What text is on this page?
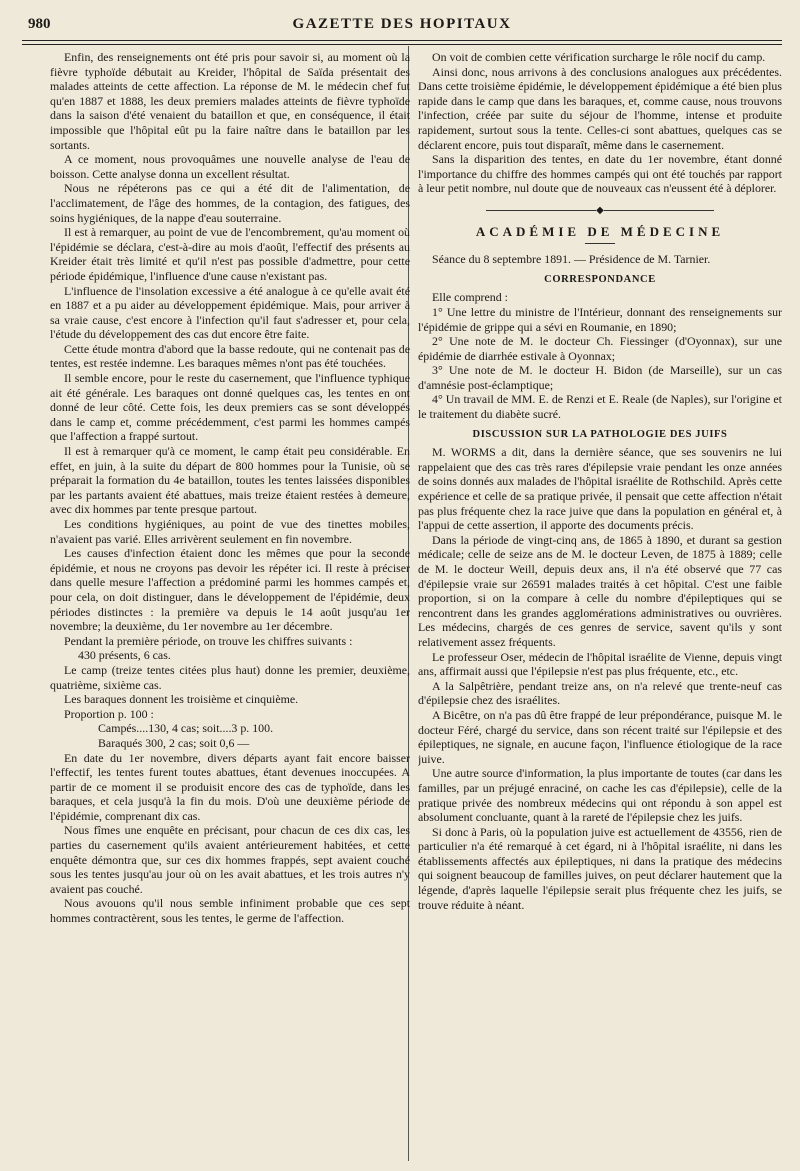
980	GAZETTE DES HOPITAUX

Enfin, des renseignements ont été pris pour savoir si, au moment où la fièvre typhoïde débutait au Kreider, l'hôpital de Saïda présentait des malades atteints de cette affection. La réponse de M. le médecin chef fut qu'en 1887 et 1888, les deux premiers malades atteints de fièvre typhoïde dans la saison d'été venaient du bataillon et que, en conséquence, il était impossible que l'hôpital eût pu la faire naître dans le bataillon par les sortants.

A ce moment, nous provoquâmes une nouvelle analyse de l'eau de boisson. Cette analyse donna un excellent résultat.

Nous ne répéterons pas ce qui a été dit de l'alimentation, de l'acclimatement, de l'âge des hommes, de la contagion, des fatigues, des soins hygiéniques, de la nappe d'eau souterraine.

Il est à remarquer, au point de vue de l'encombrement, qu'au moment où l'épidémie se déclara, c'est-à-dire au mois d'août, l'effectif des présents au Kreider était très limité et qu'il n'est pas possible d'admettre, pour cette période épidémique, l'influence d'une cause n'existant pas.

L'influence de l'insolation excessive a été analogue à ce qu'elle avait été en 1887 et a pu aider au développement épidémique. Mais, pour arriver à sa vraie cause, c'est encore à l'infection qu'il faut s'adresser et, pour cela, l'étude du développement des cas dut encore être faite.

Cette étude montra d'abord que la basse redoute, qui ne contenait pas de tentes, est restée indemne. Les baraques mêmes n'ont pas été touchées.

Il semble encore, pour le reste du casernement, que l'influence typhique ait été générale. Les baraques ont donné quelques cas, les tentes en ont donné de leur côté. Cette fois, les deux premiers cas se sont développés dans le camp et, comme précédemment, c'est parmi les hommes campés que l'affection a frappé surtout.

Il est à remarquer qu'à ce moment, le camp était peu considérable. En effet, en juin, à la suite du départ de 800 hommes pour la Tunisie, où se préparait la formation du 4e bataillon, toutes les tentes laissées disponibles par les partants avaient été abattues, mais treize étaient restées à demeure, avec dix hommes par tente presque partout.

Les conditions hygiéniques, au point de vue des tinettes mobiles, n'avaient pas varié. Elles arrivèrent seulement en fin novembre.

Les causes d'infection étaient donc les mêmes que pour la seconde épidémie, et nous ne croyons pas devoir les répéter ici. Il reste à préciser dans quelle mesure l'affection a prédominé parmi les hommes campés et, pour cela, on doit distinguer, dans le développement de l'épidémie, deux périodes distinctes : la première va depuis le 14 août jusqu'au 1er novembre; la deuxième, du 1er novembre au 1er décembre.

Pendant la première période, on trouve les chiffres suivants :

430 présents, 6 cas.

Le camp (treize tentes citées plus haut) donne les premier, deuxième, quatrième, sixième cas.

Les baraques donnent les troisième et cinquième.

Proportion p. 100 :

Campés....130, 4 cas; soit....3 p. 100.
Baraqués 300, 2 cas; soit 0,6 —

En date du 1er novembre, divers départs ayant fait encore baisser l'effectif, les tentes furent toutes abattues, étant devenues inoccupées. A partir de ce moment il se produisit encore des cas de typhoïde, dans les baraques, et cela jusqu'à la fin du mois. D'où une deuxième période de l'épidémie, comprenant dix cas.

Nous fîmes une enquête en précisant, pour chacun de ces dix cas, les parties du casernement qu'ils avaient antérieurement habitées, et cette enquête démontra que, sur ces dix hommes frappés, sept avaient couché sous les tentes jusqu'au jour où on les avait abattues, et les trois autres n'y avaient pas couché.

Nous avouons qu'il nous semble infiniment probable que ces sept hommes contractèrent, sous les tentes, le germe de l'affection.

On voit de combien cette vérification surcharge le rôle nocif du camp.

Ainsi donc, nous arrivons à des conclusions analogues aux précédentes. Dans cette troisième épidémie, le développement épidémique a été bien plus rapide dans le camp que dans les baraques, et, comme cause, nous trouvons l'infection, créée par suite du séjour de l'homme, intense et produite rapidement, surtout sous la tente. Celles-ci sont abattues, quelques cas se déclarent encore, puis tout disparaît, même dans le casernement.

Sans la disparition des tentes, en date du 1er novembre, étant donné l'importance du chiffre des hommes campés qui ont été touchés par rapport à leur petit nombre, nul doute que de nouveaux cas n'eussent été à déplorer.

◆
ACADÉMIE DE MÉDECINE

Séance du 8 septembre 1891. — Présidence de M. Tarnier.

CORRESPONDANCE

Elle comprend :

1° Une lettre du ministre de l'Intérieur, donnant des renseignements sur l'épidémie de grippe qui a sévi en Roumanie, en 1890;

2° Une note de M. le docteur Ch. Fiessinger (d'Oyonnax), sur une épidémie de diarrhée estivale à Oyonnax;

3° Une note de M. le docteur H. Bidon (de Marseille), sur un cas d'amnésie post-éclamptique;

4° Un travail de MM. E. de Renzi et E. Reale (de Naples), sur l'origine et le traitement du diabète sucré.

DISCUSSION SUR LA PATHOLOGIE DES JUIFS

M. WORMS a dit, dans la dernière séance, que ses souvenirs ne lui rappelaient que des cas très rares d'épilepsie vraie pendant les onze années de soins donnés aux malades de l'hôpital israélite de Rothschild. Après cette expérience et celle de sa pratique privée, il pensait que cette affection n'était pas plus fréquente chez la race juive que dans la population en général et, à l'appui de cette assertion, il apporte des documents précis.

Dans la période de vingt-cinq ans, de 1865 à 1890, et durant sa gestion médicale; celle de seize ans de M. le docteur Leven, de 1875 à 1889; celle de M. le docteur Weill, depuis deux ans, il n'a été observé que 77 cas d'épilepsie vraie sur 26591 malades traités à cet hôpital. C'est une faible proportion, si on la compare à celle du nombre d'épileptiques qui se rencontrent dans les grandes agglomérations administratives ou ouvrières. Les médecins, chargés de ces genres de service, savent qu'ils y sont relativement assez fréquents.

Le professeur Oser, médecin de l'hôpital israélite de Vienne, depuis vingt ans, affirmait aussi que l'épilepsie n'est pas plus fréquente, etc., etc.

A la Salpêtrière, pendant treize ans, on n'a relevé que trente-neuf cas d'épilepsie chez des israélites.

A Bicêtre, on n'a pas dû être frappé de leur prépondérance, puisque M. le docteur Féré, chargé du service, dans son récent traité sur l'épilepsie et des épileptiques, ne signale, en aucune façon, l'influence étiologique de la race juive.

Une autre source d'information, la plus importante de toutes (car dans les familles, par un préjugé enraciné, on cache les cas d'épilepsie), celle de la pratique privée des nombreux médecins qui ont répondu à son appel est absolument concluante, quant à la rareté de l'épilepsie chez les juifs.

Si donc à Paris, où la population juive est actuellement de 43556, rien de particulier n'a été remarqué à cet égard, ni à l'hôpital israélite, ni dans les établissements affectés aux épileptiques, ni dans la pratique des médecins qui soignent beaucoup de familles juives, on peut déclarer hautement que la légende, d'après laquelle l'épilepsie serait plus fréquente chez les juifs, se trouve réduite à néant.
